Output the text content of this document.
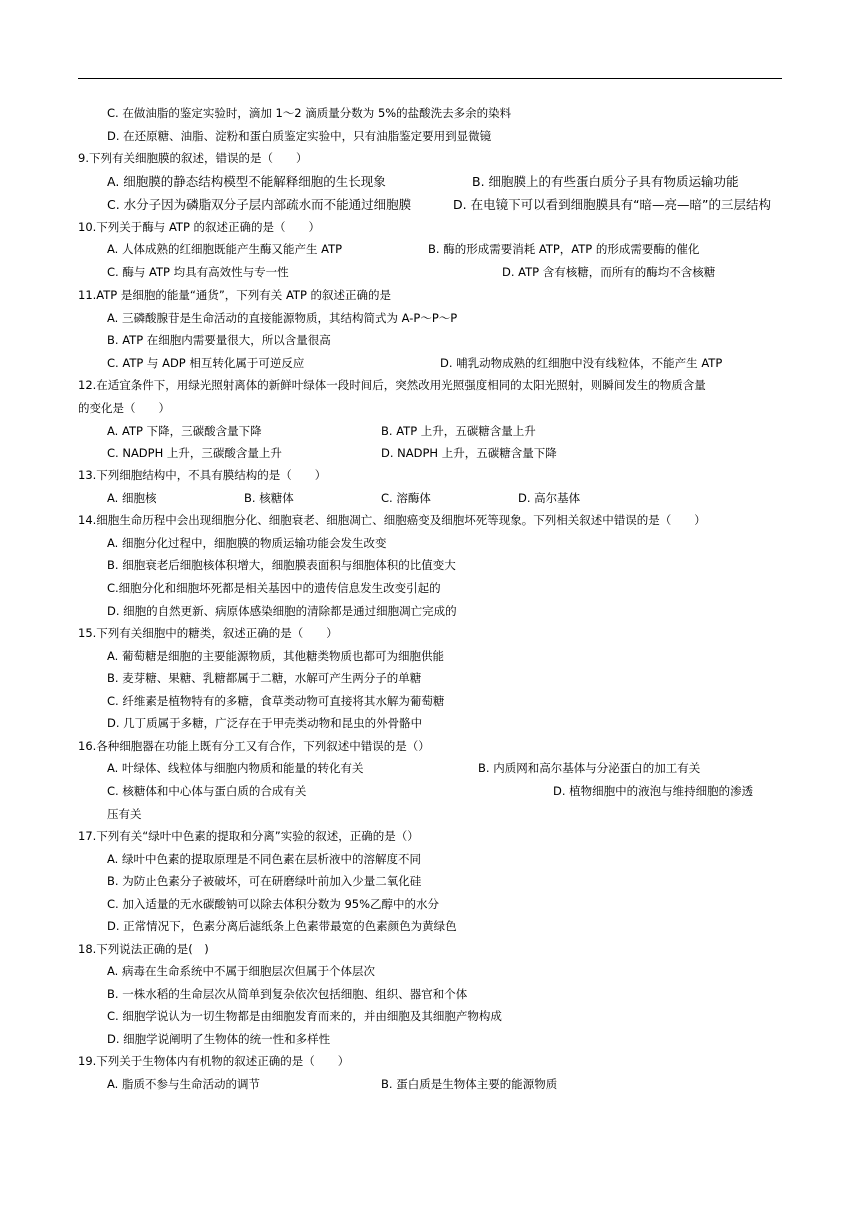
C. 在做油脂的鉴定实验时，滴加 1～2 滴质量分数为 5%的盐酸洗去多余的染料
D. 在还原糖、油脂、淀粉和蛋白质鉴定实验中，只有油脂鉴定要用到显微镜
9.下列有关细胞膜的叙述，错误的是（　　）
A. 细胞膜的静态结构模型不能解释细胞的生长现象	B. 细胞膜上的有些蛋白质分子具有物质运输功能
C. 水分子因为磷脂双分子层内部疏水而不能通过细胞膜	D. 在电镜下可以看到细胞膜具有“暗—亮—暗”的三层结构
10.下列关于酶与 ATP 的叙述正确的是（　　）
A. 人体成熟的红细胞既能产生酶又能产生 ATP	B. 酶的形成需要消耗 ATP，ATP 的形成需要酶的催化
C. 酶与 ATP 均具有高效性与专一性	D. ATP 含有核糖，而所有的酶均不含核糖
11.ATP 是细胞的能量“通货”，下列有关 ATP 的叙述正确的是
A. 三磷酸腺苷是生命活动的直接能源物质，其结构简式为 A-P～P～P
B. ATP 在细胞内需要量很大，所以含量很高
C. ATP 与 ADP 相互转化属于可逆反应	D. 哺乳动物成熟的红细胞中没有线粒体，不能产生 ATP
12.在适宜条件下，用绿光照射离体的新鲜叶绿体一段时间后，突然改用光照强度相同的太阳光照射，则瞬间发生的物质含量
的变化是（　　）
A. ATP 下降，三碳酸含量下降	B. ATP 上升，五碳糖含量上升
C. NADPH 上升，三碳酸含量上升	D. NADPH 上升，五碳糖含量下降
13.下列细胞结构中，不具有膜结构的是（　　）
A. 细胞核	B. 核糖体	C. 溶酶体	D. 高尔基体
14.细胞生命历程中会出现细胞分化、细胞衰老、细胞凋亡、细胞癌变及细胞坏死等现象。下列相关叙述中错误的是（　　）
A. 细胞分化过程中，细胞膜的物质运输功能会发生改变
B. 细胞衰老后细胞核体积增大，细胞膜表面积与细胞体积的比值变大
C.细胞分化和细胞坏死都是相关基因中的遗传信息发生改变引起的
D. 细胞的自然更新、病原体感染细胞的清除都是通过细胞凋亡完成的
15.下列有关细胞中的糖类，叙述正确的是（　　）
A. 葡萄糖是细胞的主要能源物质，其他糖类物质也都可为细胞供能
B. 麦芽糖、果糖、乳糖都属于二糖，水解可产生两分子的单糖
C. 纤维素是植物特有的多糖，食草类动物可直接将其水解为葡萄糖
D. 几丁质属于多糖，广泛存在于甲壳类动物和昆虫的外骨骼中
16.各种细胞器在功能上既有分工又有合作，下列叙述中错误的是（）
A. 叶绿体、线粒体与细胞内物质和能量的转化有关	B. 内质网和高尔基体与分泌蛋白的加工有关
C. 核糖体和中心体与蛋白质的合成有关	D. 植物细胞中的液泡与维持细胞的渗透
压有关
17.下列有关“绿叶中色素的提取和分离”实验的叙述，正确的是（）
A. 绿叶中色素的提取原理是不同色素在层析液中的溶解度不同
B. 为防止色素分子被破坏，可在研磨绿叶前加入少量二氧化硅
C. 加入适量的无水碳酸钠可以除去体积分数为 95%乙醇中的水分
D. 正常情况下，色素分离后滤纸条上色素带最宽的色素颜色为黄绿色
18.下列说法正确的是(　)
A. 病毒在生命系统中不属于细胞层次但属于个体层次
B. 一株水稻的生命层次从简单到复杂依次包括细胞、组织、器官和个体
C. 细胞学说认为一切生物都是由细胞发育而来的，并由细胞及其细胞产物构成
D. 细胞学说阐明了生物体的统一性和多样性
19.下列关于生物体内有机物的叙述正确的是（　　）
A. 脂质不参与生命活动的调节	B. 蛋白质是生物体主要的能源物质
